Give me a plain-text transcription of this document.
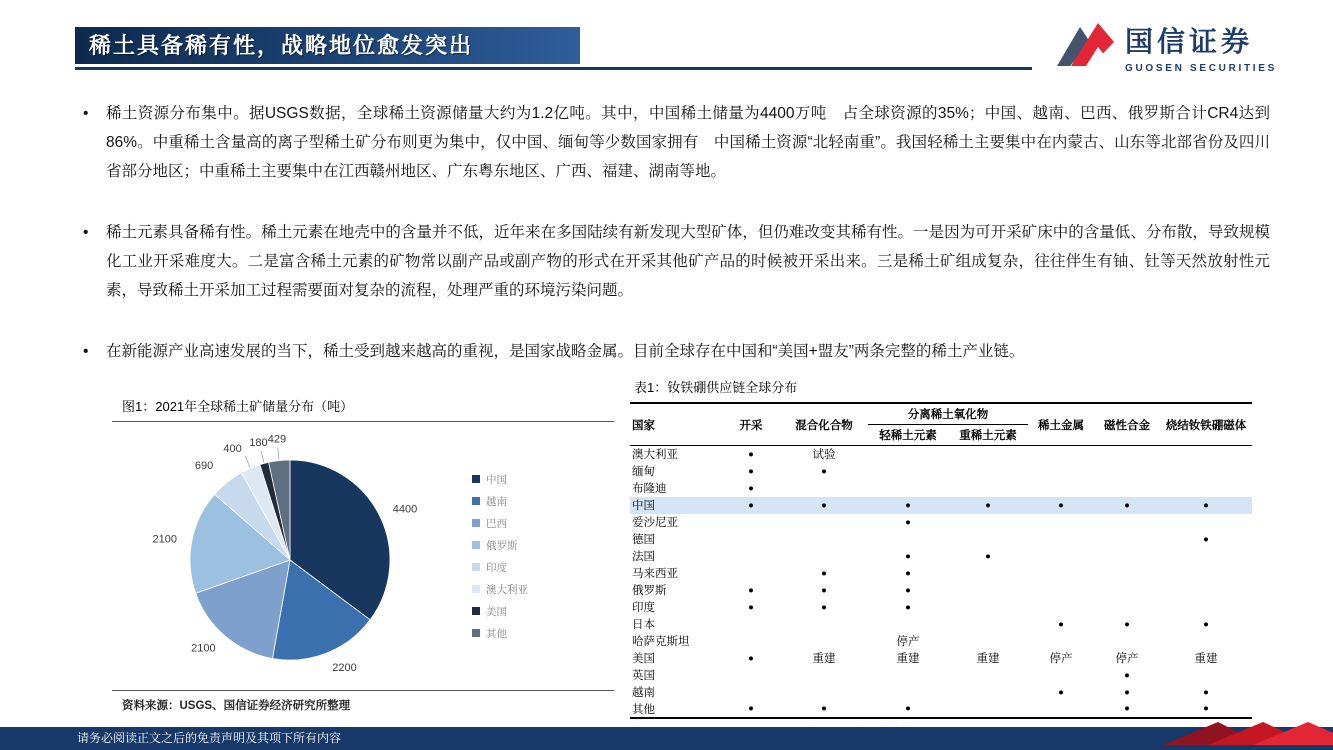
稀土具备稀有性，战略地位愈发突出	国信证券
GUOSEN SECURITIES
• 稀土资源分布集中。据USGS数据，全球稀土资源储量大约为1.2亿吨。其中，中国稀土储量为4400万吨　占全球资源的35%；中国、越南、巴西、俄罗斯合计CR4达到86%。中重稀土含量高的离子型稀土矿分布则更为集中，仅中国、缅甸等少数国家拥有　中国稀土资源“北轻南重”。我国轻稀土主要集中在内蒙古、山东等北部省份及四川省部分地区；中重稀土主要集中在江西赣州地区、广东粤东地区、广西、福建、湖南等地。
• 稀土元素具备稀有性。稀土元素在地壳中的含量并不低，近年来在多国陆续有新发现大型矿体，但仍难改变其稀有性。一是因为可开采矿床中的含量低、分布散，导致规模化工业开采难度大。二是富含稀土元素的矿物常以副产品或副产物的形式在开采其他矿产品的时候被开采出来。三是稀土矿组成复杂，往往伴生有铀、钍等天然放射性元素，导致稀土开采加工过程需要面对复杂的流程，处理严重的环境污染问题。
• 在新能源产业高速发展的当下，稀土受到越来越高的重视，是国家战略金属。目前全球存在中国和“美国+盟友”两条完整的稀土产业链。
图1：2021年全球稀土矿储量分布（吨）
4400
2200
2100
2100
690
400 180 429
中国
越南
巴西
俄罗斯
印度
澳大利亚
美国
其他
资料来源：USGS、国信证券经济研究所整理
表1：钕铁硼供应链全球分布
国家	开采	混合化合物	分离稀土氧化物		稀土金属	磁性合金	烧结钕铁硼磁体
			轻稀土元素	重稀土元素			
澳大利亚	●	试验					
缅甸	●	●					
布隆迪	●						
中国	●	●	●	●	●	●	●
爱沙尼亚			●				
德国							●
法国			●	●			
马来西亚		●	●				
俄罗斯	●	●	●				
印度	●	●	●				
日本					●	●	●
哈萨克斯坦			停产				
美国	●	重建	重建	重建	停产	停产	重建
英国						●	
越南					●	●	●
其他	●	●	●			●	●
请务必阅读正文之后的免责声明及其项下所有内容
